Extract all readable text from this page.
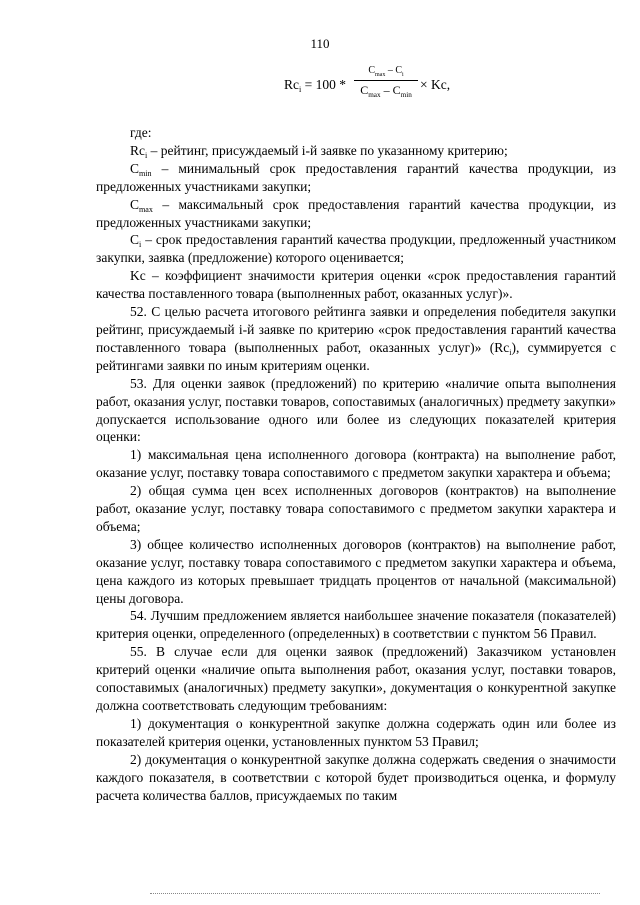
110
$Rc_i = 100$ *
$C_{max} - C_i$
$C_{max} - C_{min}$
× Kc,

где:

$Rc_i$ – рейтинг, присуждаемый i-й заявке по указанному критерию;

$C_{min}$ – минимальный срок предоставления гарантий качества продукции, из предложенных участниками закупки;

$C_{max}$ – максимальный срок предоставления гарантий качества продукции, из предложенных участниками закупки;

$C_i$ – срок предоставления гарантий качества продукции, предложенный участником закупки, заявка (предложение) которого оценивается;

Kc – коэффициент значимости критерия оценки «срок предоставления гарантий качества поставленного товара (выполненных работ, оказанных услуг)».

52. С целью расчета итогового рейтинга заявки и определения победителя закупки рейтинг, присуждаемый i-й заявке по критерию «срок предоставления гарантий качества поставленного товара (выполненных работ, оказанных услуг)» $(Rc_i)$, суммируется с рейтингами заявки по иным критериям оценки.

53. Для оценки заявок (предложений) по критерию «наличие опыта выполнения работ, оказания услуг, поставки товаров, сопоставимых (аналогичных) предмету закупки» допускается использование одного или более из следующих показателей критерия оценки:

1) максимальная цена исполненного договора (контракта) на выполнение работ, оказание услуг, поставку товара сопоставимого с предметом закупки характера и объема;

2) общая сумма цен всех исполненных договоров (контрактов) на выполнение работ, оказание услуг, поставку товара сопоставимого с предметом закупки характера и объема;

3) общее количество исполненных договоров (контрактов) на выполнение работ, оказание услуг, поставку товара сопоставимого с предметом закупки характера и объема, цена каждого из которых превышает тридцать процентов от начальной (максимальной) цены договора.

54. Лучшим предложением является наибольшее значение показателя (показателей) критерия оценки, определенного (определенных) в соответствии с пунктом 56 Правил.

55. В случае если для оценки заявок (предложений) Заказчиком установлен критерий оценки «наличие опыта выполнения работ, оказания услуг, поставки товаров, сопоставимых (аналогичных) предмету закупки», документация о конкурентной закупке должна соответствовать следующим требованиям:

1) документация о конкурентной закупке должна содержать один или более из показателей критерия оценки, установленных пунктом 53 Правил;

2) документация о конкурентной закупке должна содержать сведения о значимости каждого показателя, в соответствии с которой будет производиться оценка, и формулу расчета количества баллов, присуждаемых по таким
